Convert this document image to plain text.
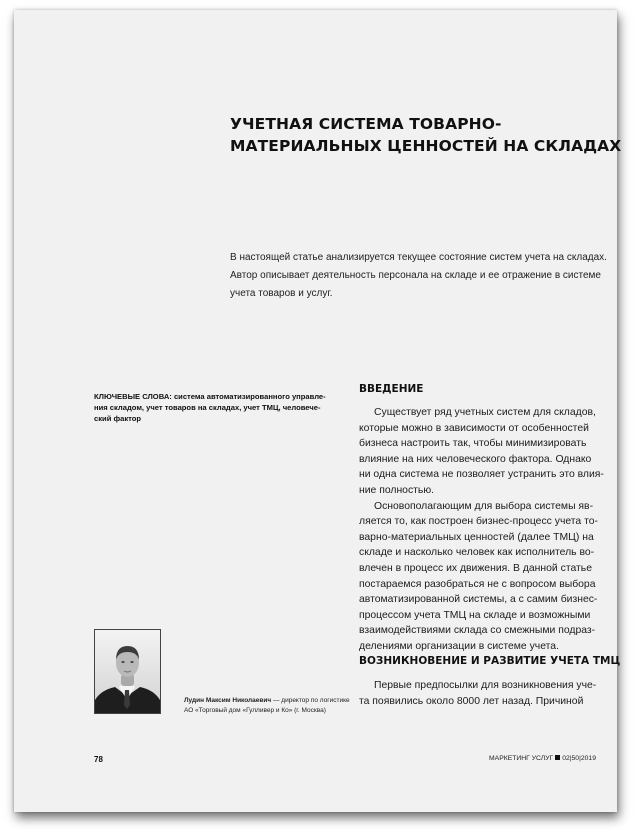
УЧЕТНАЯ СИСТЕМА ТОВАРНО-
МАТЕРИАЛЬНЫХ ЦЕННОСТЕЙ НА СКЛАДАХ
В настоящей статье анализируется текущее состояние систем учета на складах.
Автор описывает деятельность персонала на складе и ее отражение в системе
учета товаров и услуг.
КЛЮЧЕВЫЕ СЛОВА: система автоматизированного управле-
ния складом, учет товаров на складах, учет ТМЦ, человече-
ский фактор
ВВЕДЕНИЕ
Существует ряд учетных систем для складов,
которые можно в зависимости от особенностей
бизнеса настроить так, чтобы минимизировать
влияние на них человеческого фактора. Однако
ни одна система не позволяет устранить это влия-
ние полностью.
Основополагающим для выбора системы яв-
ляется то, как построен бизнес-процесс учета то-
варно-материальных ценностей (далее ТМЦ) на
складе и насколько человек как исполнитель во-
влечен в процесс их движения. В данной статье
постараемся разобраться не с вопросом выбора
автоматизированной системы, а с самим бизнес-
процессом учета ТМЦ на складе и возможными
взаимодействиями склада со смежными подраз-
делениями организации в системе учета.
ВОЗНИКНОВЕНИЕ И РАЗВИТИЕ УЧЕТА ТМЦ
Первые предпосылки для возникновения уче-
та появились около 8000 лет назад. Причиной
Лудин Максим Николаевич — директор по логистике
АО «Торговый дом «Гулливер и Ко» (г. Москва)
78	МАРКЕТИНГ УСЛУГ 02|50|2019
